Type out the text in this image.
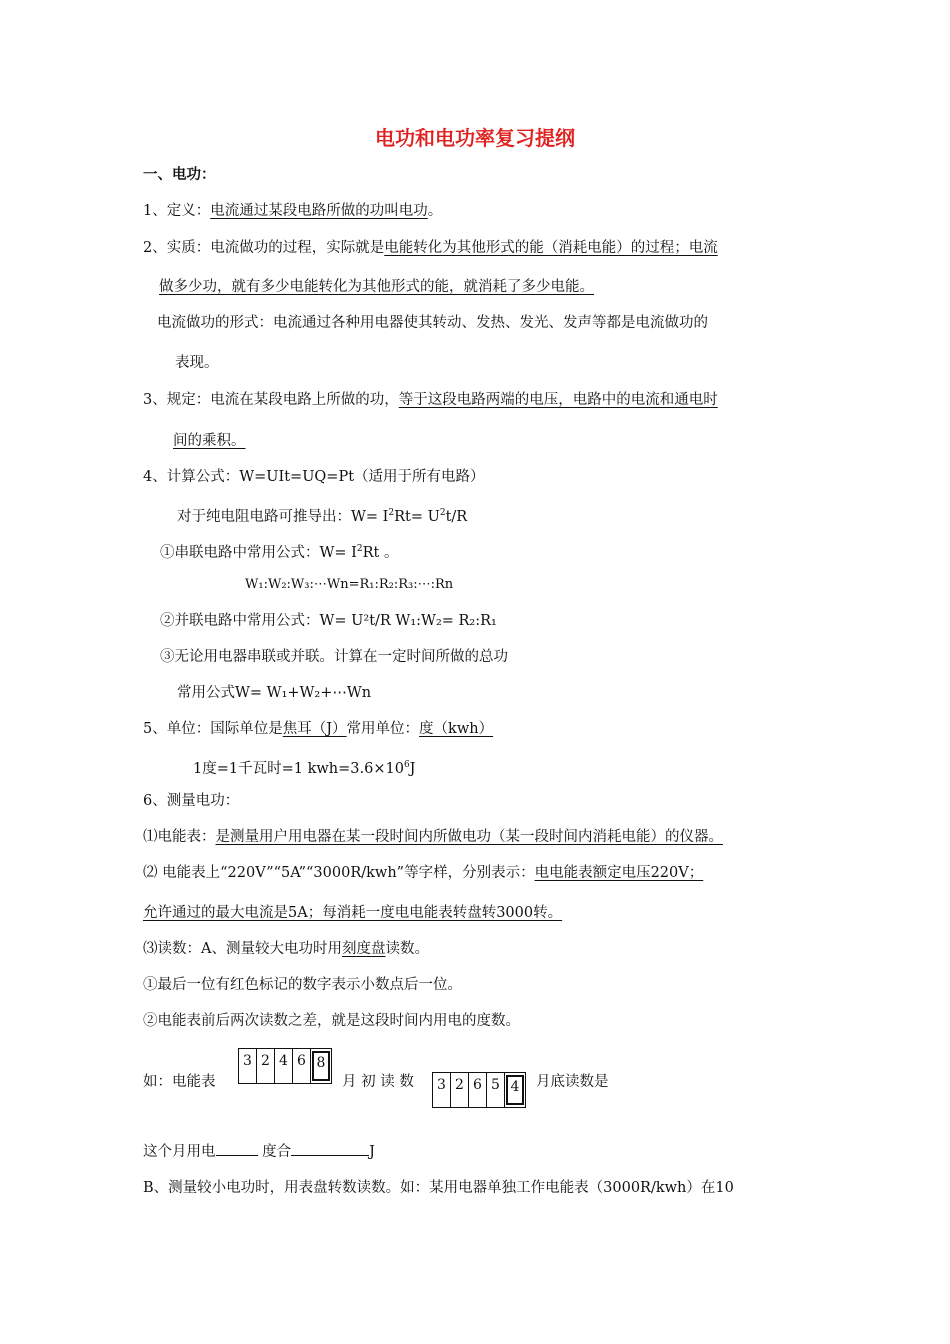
电功和电功率复习提纲
一、电功：
1、定义：电流通过某段电路所做的功叫电功。
2、实质：电流做功的过程，实际就是电能转化为其他形式的能（消耗电能）的过程；电流
做多少功，就有多少电能转化为其他形式的能，就消耗了多少电能。
电流做功的形式：电流通过各种用电器使其转动、发热、发光、发声等都是电流做功的
表现。
3、规定：电流在某段电路上所做的功，等于这段电路两端的电压，电路中的电流和通电时
间的乘积。
4、计算公式：W=UIt=UQ=Pt（适用于所有电路）
对于纯电阻电路可推导出：$W= I^2Rt= U^2t/R$
①串联电路中常用公式：$W= I^2Rt$ 。
W₁:W₂:W₃:⋯Wn=R₁:R₂:R₃:⋯:Rn
②并联电路中常用公式：W= U²t/R W₁:W₂= R₂:R₁
③无论用电器串联或并联。计算在一定时间所做的总功
常用公式W= W₁+W₂+⋯Wn
5、单位：国际单位是焦耳（J）常用单位：度（kwh）
1度=1千瓦时=1 $kwh=3.6\times 10^6J$
6、测量电功：
⑴电能表：是测量用户用电器在某一段时间内所做电功（某一段时间内消耗电能）的仪器。
⑵ 电能表上“220V”“5A”“3000R/kwh”等字样，分别表示：电电能表额定电压220V；
允许通过的最大电流是5A；每消耗一度电电能表转盘转3000转。
⑶读数：A、测量较大电功时用刻度盘读数。
①最后一位有红色标记的数字表示小数点后一位。
②电能表前后两次读数之差，就是这段时间内用电的度数。
如：电能表
3 2 4 6 8
月 初 读 数 3 2 6 5 4	月底读数是
这个月用电	度合	J
B、测量较小电功时，用表盘转数读数。如：某用电器单独工作电能表（3000R/kwh）在10
